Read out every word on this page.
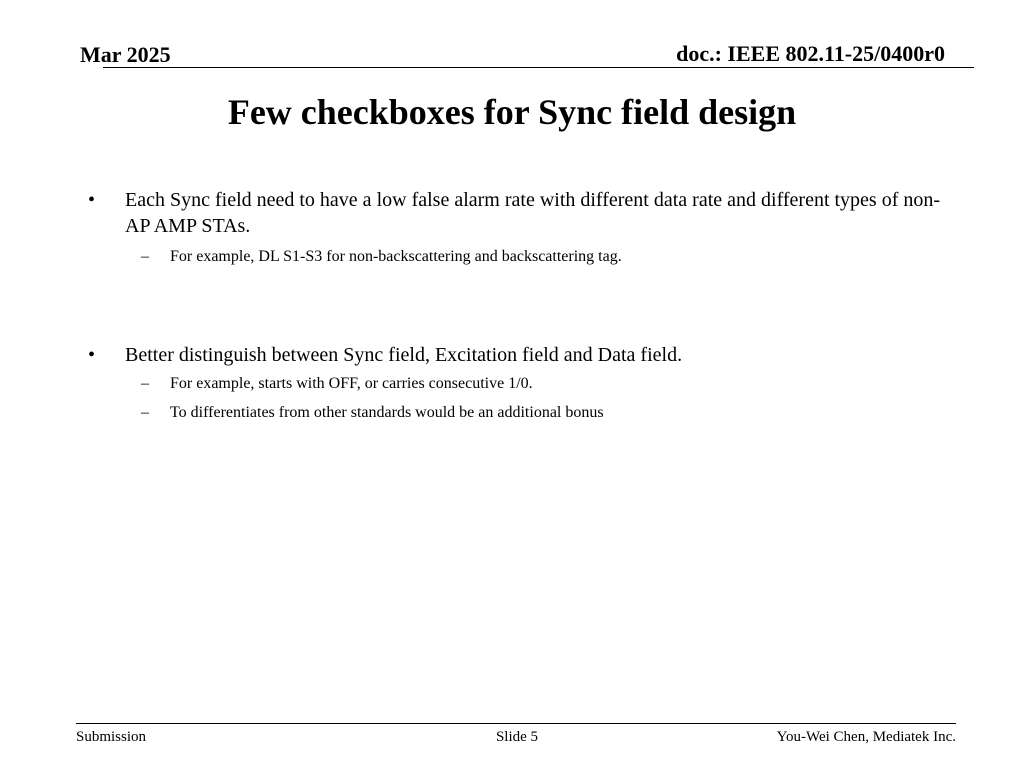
Mar 2025	doc.: IEEE 802.11-25/0400r0
Few checkboxes for Sync field design
• Each Sync field need to have a low false alarm rate with different data rate and different types of non-AP AMP STAs.
– For example, DL S1-S3 for non-backscattering and backscattering tag.
• Better distinguish between Sync field, Excitation field and Data field.
– For example, starts with OFF, or carries consecutive 1/0.
– To differentiates from other standards would be an additional bonus
Submission	Slide 5	You-Wei Chen, Mediatek Inc.
